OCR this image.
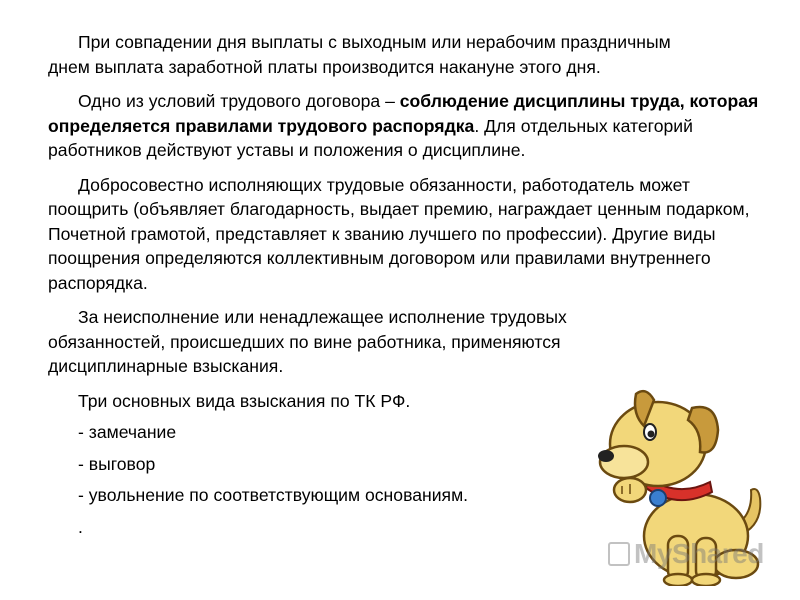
При совпадении дня выплаты с выходным или нерабочим праздничным днем выплата заработной платы производится накануне этого дня.

Одно из условий трудового договора – соблюдение дисциплины труда, которая определяется правилами трудового распорядка. Для отдельных категорий работников действуют уставы и положения о дисциплине.

Добросовестно исполняющих трудовые обязанности, работодатель может поощрить (объявляет благодарность, выдает премию, награждает ценным подарком, Почетной грамотой, представляет к званию лучшего по профессии). Другие виды поощрения определяются коллективным договором или правилами внутреннего распорядка.

За неисполнение или ненадлежащее исполнение трудовых обязанностей, происшедших по вине работника, применяются дисциплинарные взыскания.

Три основных вида взыскания по ТК РФ.

- замечание

- выговор

- увольнение по соответствующим основаниям.

.

MyShared
